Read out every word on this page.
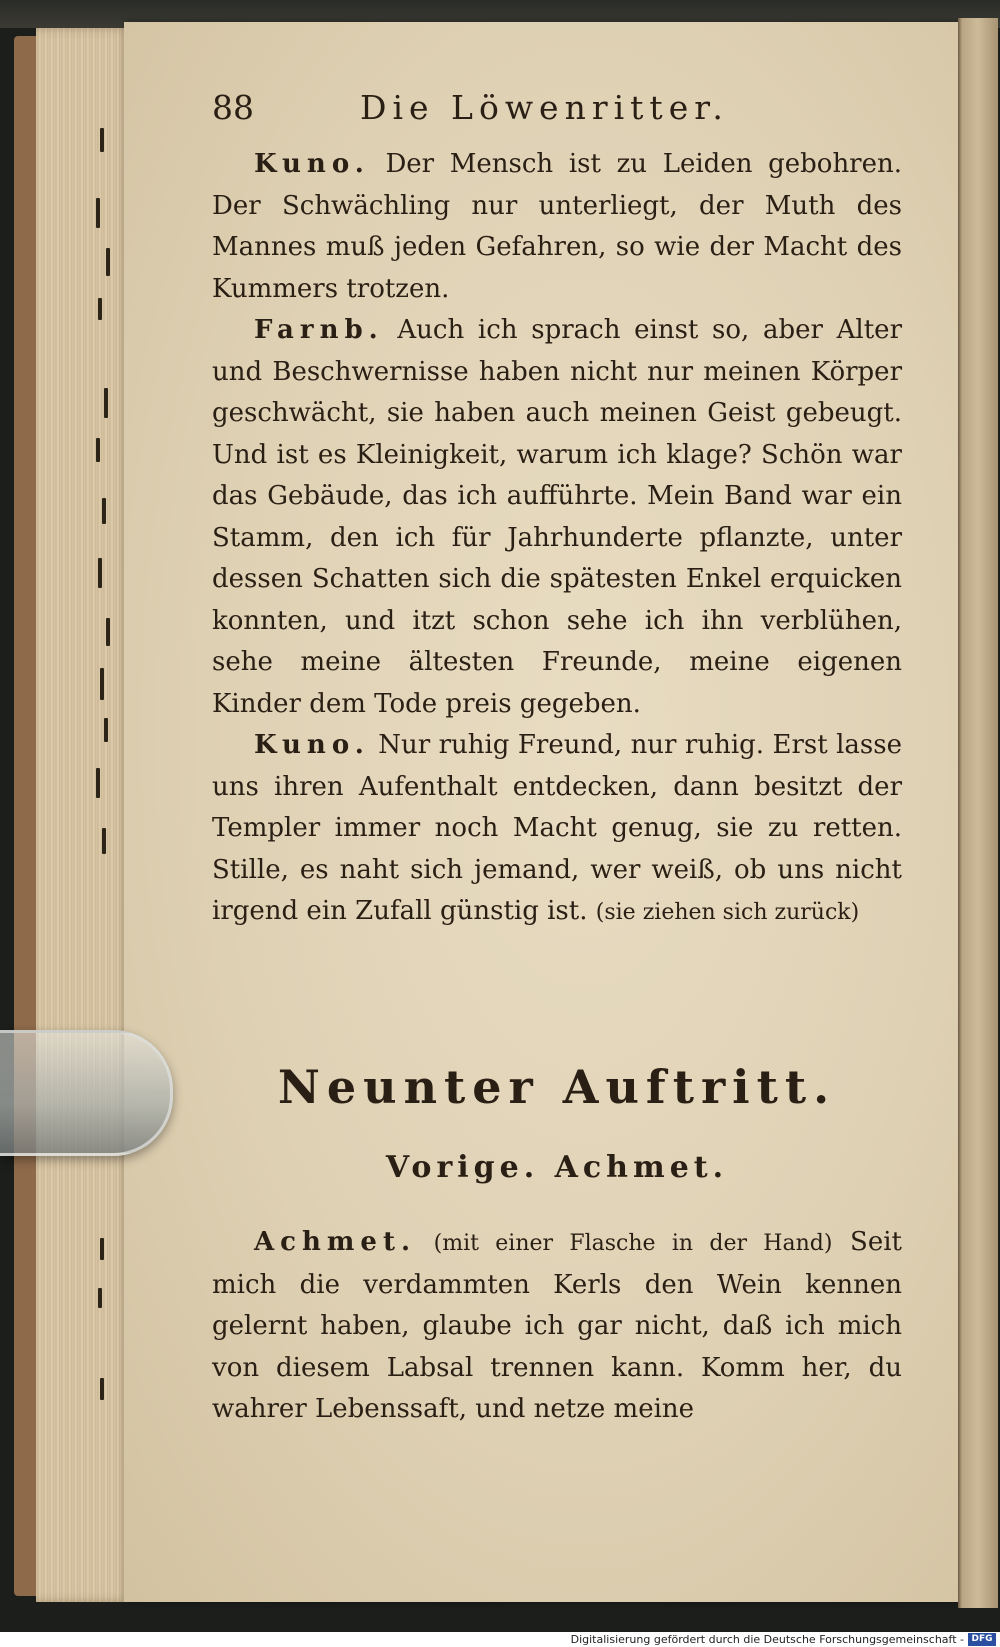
88	Die Löwenritter.

Kuno. Der Mensch ist zu Leiden gebohren. Der Schwächling nur unterliegt, der Muth des Mannes muß jeden Gefahren, so wie der Macht des Kummers trotzen.

Farnb. Auch ich sprach einst so, aber Alter und Beschwernisse haben nicht nur meinen Körper geschwächt, sie haben auch meinen Geist gebeugt. Und ist es Kleinigkeit, warum ich klage? Schön war das Gebäude, das ich aufführte. Mein Band war ein Stamm, den ich für Jahrhunderte pflanzte, unter dessen Schatten sich die spätesten Enkel erquicken konnten, und itzt schon sehe ich ihn verblühen, sehe meine ältesten Freunde, meine eigenen Kinder dem Tode preis gegeben.

Kuno. Nur ruhig Freund, nur ruhig. Erst lasse uns ihren Aufenthalt entdecken, dann besitzt der Templer immer noch Macht genug, sie zu retten. Stille, es naht sich jemand, wer weiß, ob uns nicht irgend ein Zufall günstig ist. (sie ziehen sich zurück)

Neunter Auftritt.
Vorige. Achmet.

Achmet. (mit einer Flasche in der Hand) Seit mich die verdammten Kerls den Wein kennen gelernt haben, glaube ich gar nicht, daß ich mich von diesem Labsal trennen kann. Komm her, du wahrer Lebenssaft, und netze meine

Digitalisierung gefördert durch die Deutsche Forschungsgemeinschaft - DFG
